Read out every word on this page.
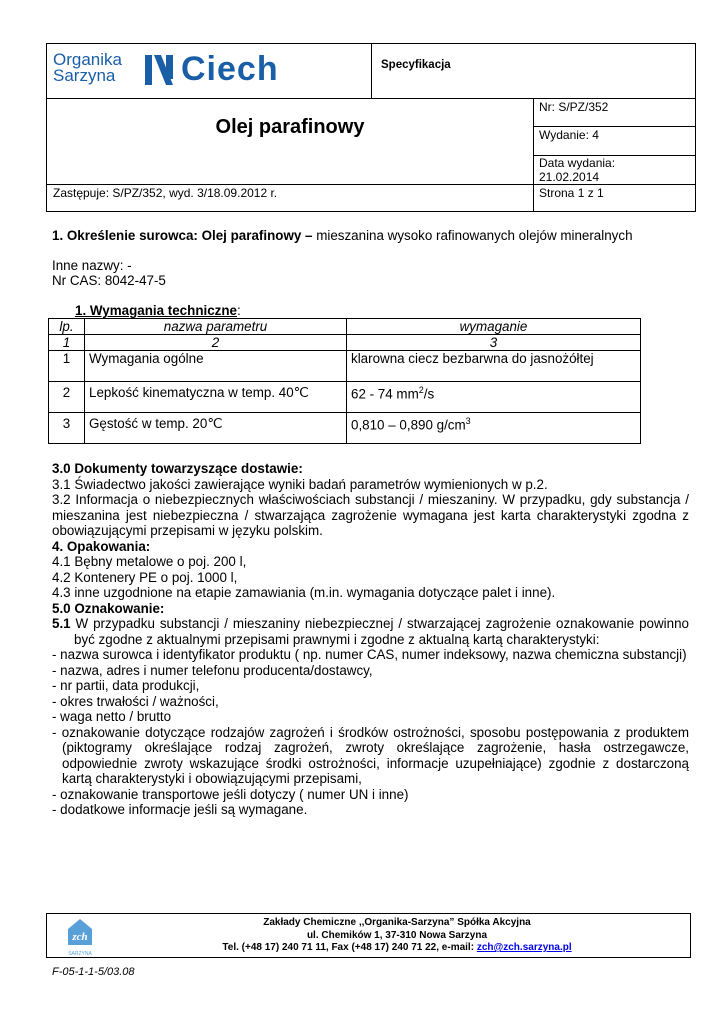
Organika
Sarzyna Ciech	Specyfikacja
Olej parafinowy
Nr: S/PZ/352
Wydanie: 4
Data wydania:
21.02.2014
Zastępuje: S/PZ/352, wyd. 3/18.09.2012 r.	Strona 1 z 1
1. Określenie surowca: Olej parafinowy – mieszanina wysoko rafinowanych olejów mineralnych
Inne nazwy: -
Nr CAS: 8042-47-5
1. Wymagania techniczne:
lp.	nazwa parametru	wymaganie
1	2	3
1	Wymagania ogólne	klarowna ciecz bezbarwna do jasnożółtej
2	Lepkość kinematyczna w temp. 40℃	62 - 74 $mm^2/s$
3	Gęstość w temp. 20℃	0,810 – 0,890 $g/cm^3$
3.0 Dokumenty towarzyszące dostawie:
3.1 Świadectwo jakości zawierające wyniki badań parametrów wymienionych w p.2.
3.2 Informacja o niebezpiecznych właściwościach substancji / mieszaniny. W przypadku, gdy substancja / mieszanina jest niebezpieczna / stwarzająca zagrożenie wymagana jest karta charakterystyki zgodna z obowiązującymi przepisami w języku polskim.
4. Opakowania:
4.1 Bębny metalowe o poj. 200 l,
4.2 Kontenery PE o poj. 1000 l,
4.3 inne uzgodnione na etapie zamawiania (m.in. wymagania dotyczące palet i inne).
5.0 Oznakowanie:
5.1 W przypadku substancji / mieszaniny niebezpiecznej / stwarzającej zagrożenie oznakowanie powinno być zgodne z aktualnymi przepisami prawnymi i zgodne z aktualną kartą charakterystyki:
- nazwa surowca i identyfikator produktu ( np. numer CAS, numer indeksowy, nazwa chemiczna substancji)
- nazwa, adres i numer telefonu producenta/dostawcy,
- nr partii, data produkcji,
- okres trwałości / ważności,
- waga netto / brutto
- oznakowanie dotyczące rodzajów zagrożeń i środków ostrożności, sposobu postępowania z produktem (piktogramy określające rodzaj zagrożeń, zwroty określające zagrożenie, hasła ostrzegawcze, odpowiednie zwroty wskazujące środki ostrożności, informacje uzupełniające) zgodnie z dostarczoną kartą charakterystyki i obowiązującymi przepisami,
- oznakowanie transportowe jeśli dotyczy ( numer UN i inne)
- dodatkowe informacje jeśli są wymagane.
zch
SARZYNA
Zakłady Chemiczne ,,Organika-Sarzyna” Spółka Akcyjna
ul. Chemików 1, 37-310 Nowa Sarzyna
Tel. (+48 17) 240 71 11, Fax (+48 17) 240 71 22, e-mail: zch@zch.sarzyna.pl
F-05-1-1-5/03.08
